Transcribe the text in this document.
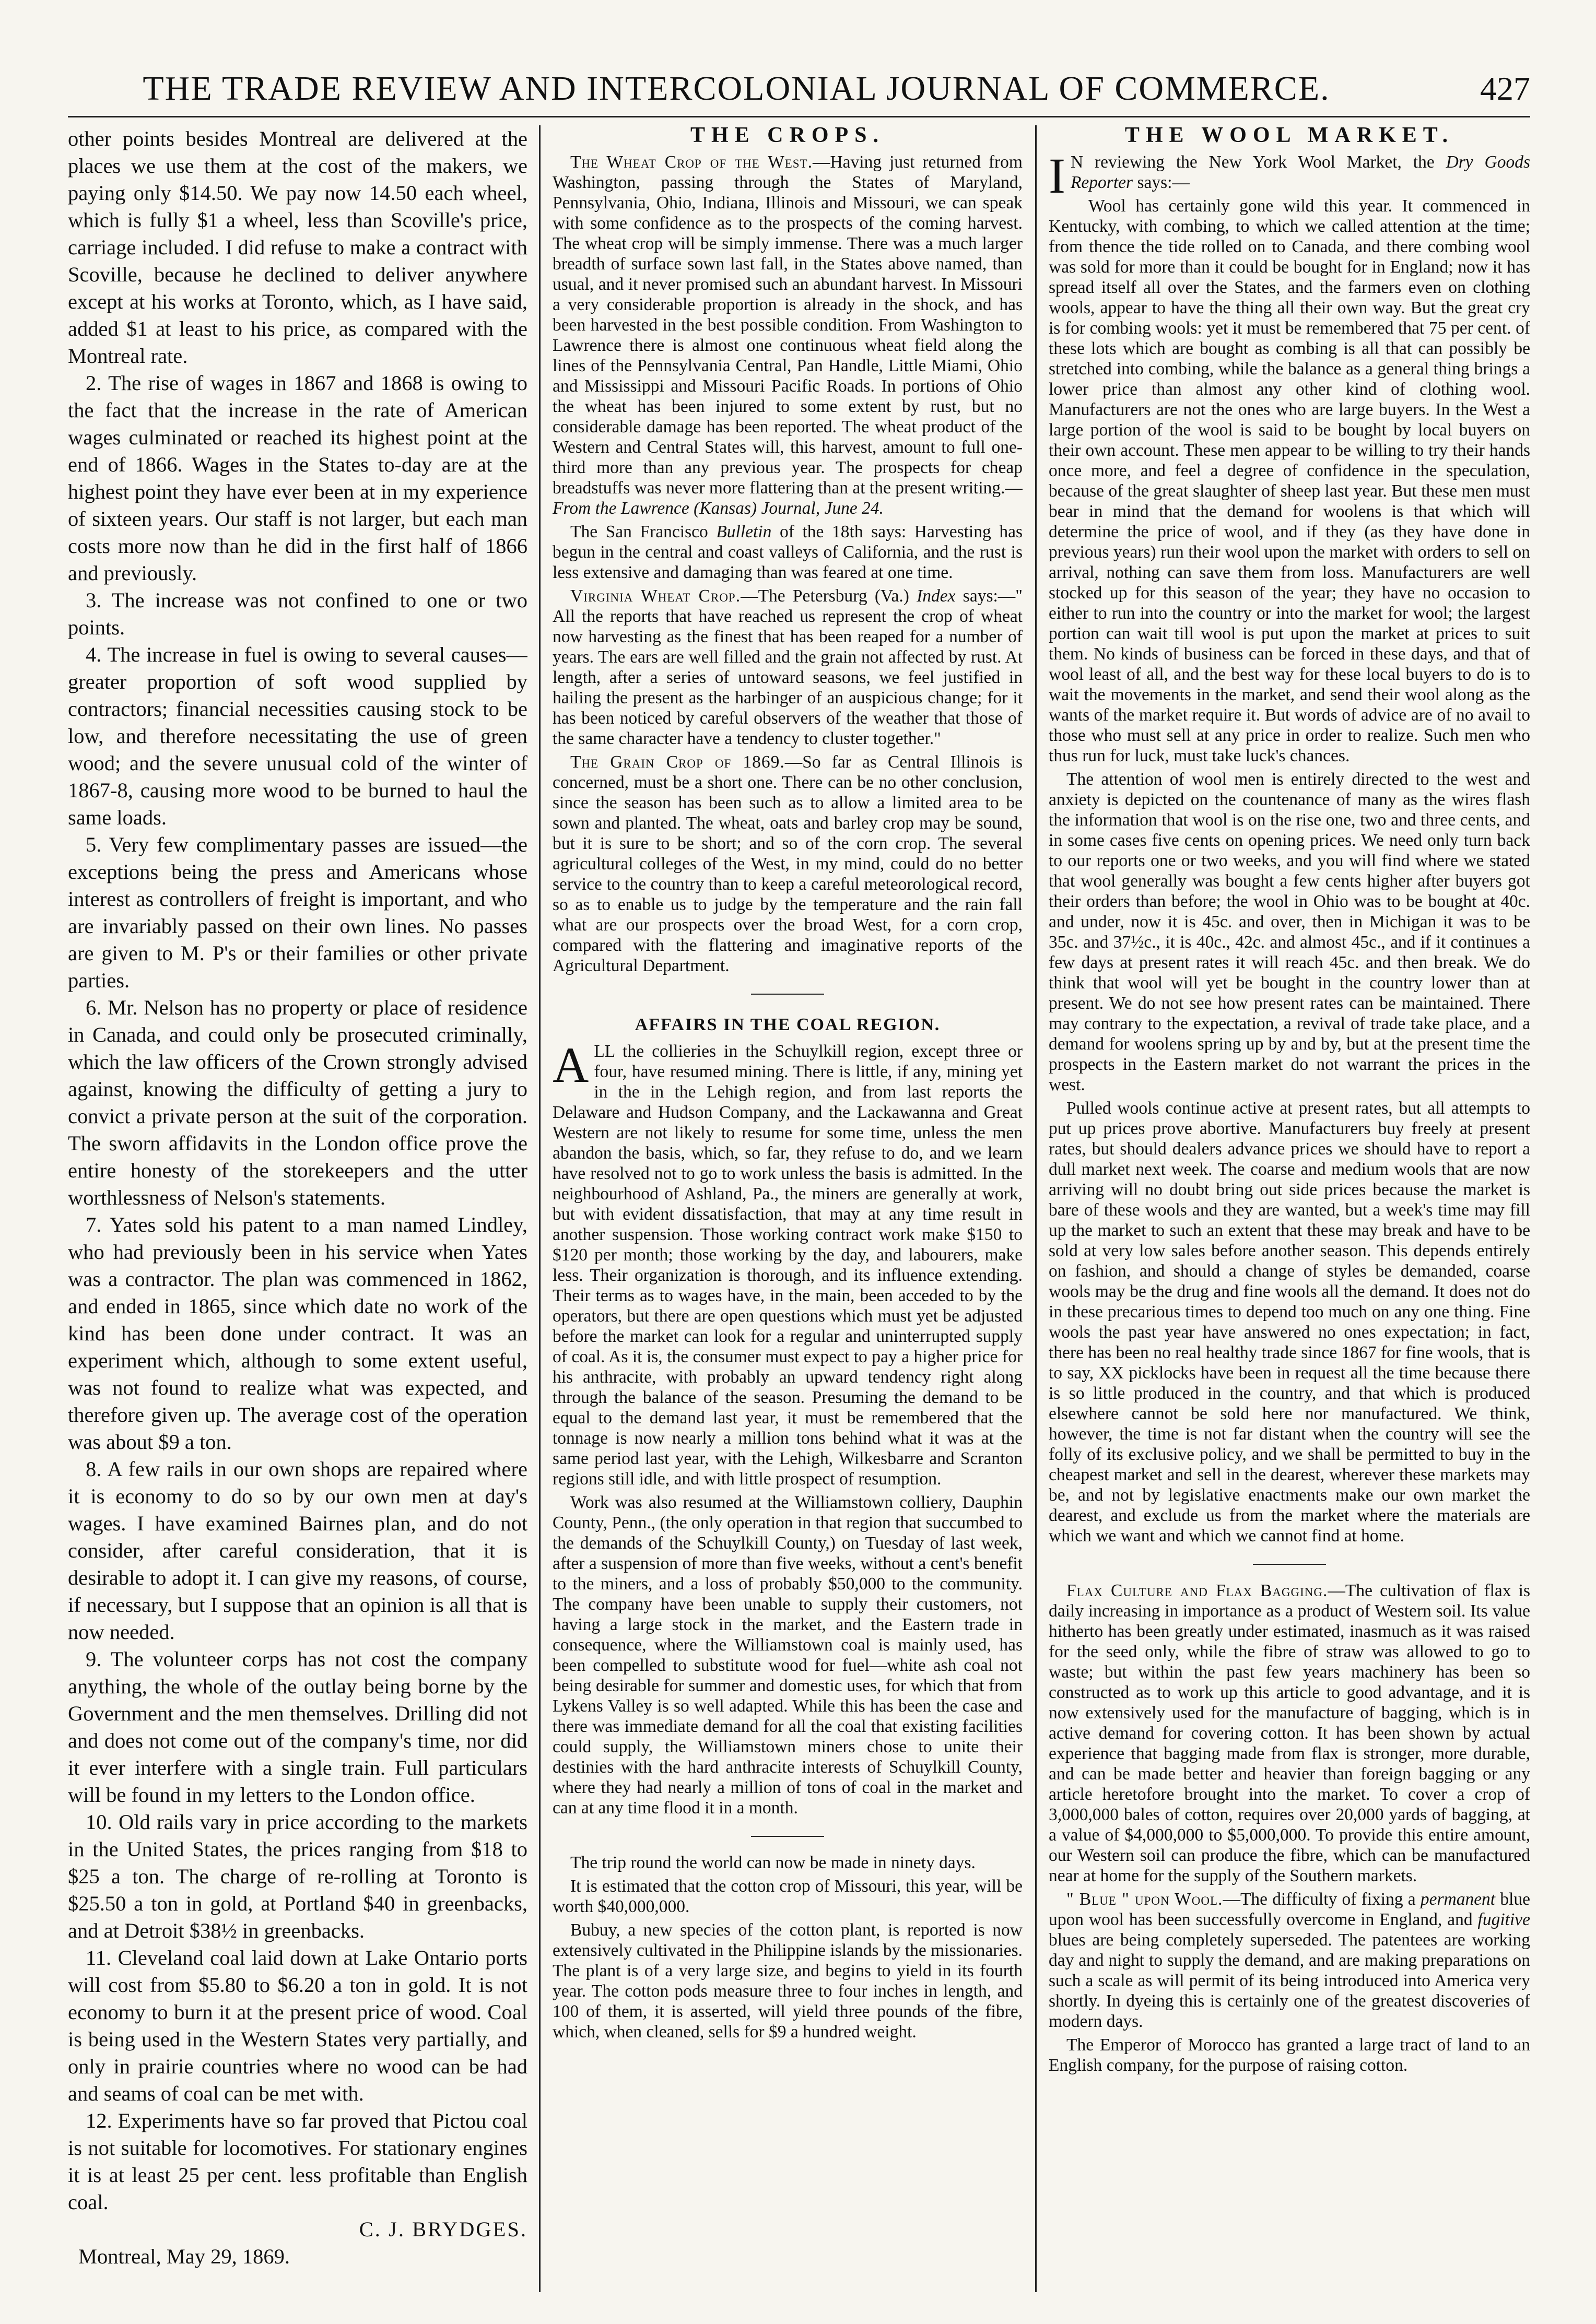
THE TRADE REVIEW AND INTERCOLONIAL JOURNAL OF COMMERCE.	427

other points besides Montreal are delivered at the places we use them at the cost of the makers, we paying only $14.50. We pay now 14.50 each wheel, which is fully $1 a wheel, less than Scoville's price, carriage included. I did refuse to make a contract with Scoville, because he declined to deliver anywhere except at his works at Toronto, which, as I have said, added $1 at least to his price, as compared with the Montreal rate.

2. The rise of wages in 1867 and 1868 is owing to the fact that the increase in the rate of American wages culminated or reached its highest point at the end of 1866. Wages in the States to-day are at the highest point they have ever been at in my experience of sixteen years. Our staff is not larger, but each man costs more now than he did in the first half of 1866 and previously.

3. The increase was not confined to one or two points.

4. The increase in fuel is owing to several causes—greater proportion of soft wood supplied by contractors; financial necessities causing stock to be low, and therefore necessitating the use of green wood; and the severe unusual cold of the winter of 1867-8, causing more wood to be burned to haul the same loads.

5. Very few complimentary passes are issued—the exceptions being the press and Americans whose interest as controllers of freight is important, and who are invariably passed on their own lines. No passes are given to M. P's or their families or other private parties.

6. Mr. Nelson has no property or place of residence in Canada, and could only be prosecuted criminally, which the law officers of the Crown strongly advised against, knowing the difficulty of getting a jury to convict a private person at the suit of the corporation. The sworn affidavits in the London office prove the entire honesty of the storekeepers and the utter worthlessness of Nelson's statements.

7. Yates sold his patent to a man named Lindley, who had previously been in his service when Yates was a contractor. The plan was commenced in 1862, and ended in 1865, since which date no work of the kind has been done under contract. It was an experiment which, although to some extent useful, was not found to realize what was expected, and therefore given up. The average cost of the operation was about $9 a ton.

8. A few rails in our own shops are repaired where it is economy to do so by our own men at day's wages. I have examined Bairnes plan, and do not consider, after careful consideration, that it is desirable to adopt it. I can give my reasons, of course, if necessary, but I suppose that an opinion is all that is now needed.

9. The volunteer corps has not cost the company anything, the whole of the outlay being borne by the Government and the men themselves. Drilling did not and does not come out of the company's time, nor did it ever interfere with a single train. Full particulars will be found in my letters to the London office.

10. Old rails vary in price according to the markets in the United States, the prices ranging from $18 to $25 a ton. The charge of re-rolling at Toronto is $25.50 a ton in gold, at Portland $40 in greenbacks, and at Detroit $38½ in greenbacks.

11. Cleveland coal laid down at Lake Ontario ports will cost from $5.80 to $6.20 a ton in gold. It is not economy to burn it at the present price of wood. Coal is being used in the Western States very partially, and only in prairie countries where no wood can be had and seams of coal can be met with.

12. Experiments have so far proved that Pictou coal is not suitable for locomotives. For stationary engines it is at least 25 per cent. less profitable than English coal.

C. J. BRYDGES.

Montreal, May 29, 1869.

THE CROPS.

The Wheat Crop of the West.—Having just returned from Washington, passing through the States of Maryland, Pennsylvania, Ohio, Indiana, Illinois and Missouri, we can speak with some confidence as to the prospects of the coming harvest. The wheat crop will be simply immense. There was a much larger breadth of surface sown last fall, in the States above named, than usual, and it never promised such an abundant harvest. In Missouri a very considerable proportion is already in the shock, and has been harvested in the best possible condition. From Washington to Lawrence there is almost one continuous wheat field along the lines of the Pennsylvania Central, Pan Handle, Little Miami, Ohio and Mississippi and Missouri Pacific Roads. In portions of Ohio the wheat has been injured to some extent by rust, but no considerable damage has been reported. The wheat product of the Western and Central States will, this harvest, amount to full one-third more than any previous year. The prospects for cheap breadstuffs was never more flattering than at the present writing.—From the Lawrence (Kansas) Journal, June 24.

The San Francisco Bulletin of the 18th says: Harvesting has begun in the central and coast valleys of California, and the rust is less extensive and damaging than was feared at one time.

Virginia Wheat Crop.—The Petersburg (Va.) Index says:—" All the reports that have reached us represent the crop of wheat now harvesting as the finest that has been reaped for a number of years. The ears are well filled and the grain not affected by rust. At length, after a series of untoward seasons, we feel justified in hailing the present as the harbinger of an auspicious change; for it has been noticed by careful observers of the weather that those of the same character have a tendency to cluster together."

The Grain Crop of 1869.—So far as Central Illinois is concerned, must be a short one. There can be no other conclusion, since the season has been such as to allow a limited area to be sown and planted. The wheat, oats and barley crop may be sound, but it is sure to be short; and so of the corn crop. The several agricultural colleges of the West, in my mind, could do no better service to the country than to keep a careful meteorological record, so as to enable us to judge by the temperature and the rain fall what are our prospects over the broad West, for a corn crop, compared with the flattering and imaginative reports of the Agricultural Department.

AFFAIRS IN THE COAL REGION.

ALL the collieries in the Schuylkill region, except three or four, have resumed mining. There is little, if any, mining yet in the in the Lehigh region, and from last reports the Delaware and Hudson Company, and the Lackawanna and Great Western are not likely to resume for some time, unless the men abandon the basis, which, so far, they refuse to do, and we learn have resolved not to go to work unless the basis is admitted. In the neighbourhood of Ashland, Pa., the miners are generally at work, but with evident dissatisfaction, that may at any time result in another suspension. Those working contract work make $150 to $120 per month; those working by the day, and labourers, make less. Their organization is thorough, and its influence extending. Their terms as to wages have, in the main, been acceded to by the operators, but there are open questions which must yet be adjusted before the market can look for a regular and uninterrupted supply of coal. As it is, the consumer must expect to pay a higher price for his anthracite, with probably an upward tendency right along through the balance of the season. Presuming the demand to be equal to the demand last year, it must be remembered that the tonnage is now nearly a million tons behind what it was at the same period last year, with the Lehigh, Wilkesbarre and Scranton regions still idle, and with little prospect of resumption.

Work was also resumed at the Williamstown colliery, Dauphin County, Penn., (the only operation in that region that succumbed to the demands of the Schuylkill County,) on Tuesday of last week, after a suspension of more than five weeks, without a cent's benefit to the miners, and a loss of probably $50,000 to the community. The company have been unable to supply their customers, not having a large stock in the market, and the Eastern trade in consequence, where the Williamstown coal is mainly used, has been compelled to substitute wood for fuel—white ash coal not being desirable for summer and domestic uses, for which that from Lykens Valley is so well adapted. While this has been the case and there was immediate demand for all the coal that existing facilities could supply, the Williamstown miners chose to unite their destinies with the hard anthracite interests of Schuylkill County, where they had nearly a million of tons of coal in the market and can at any time flood it in a month.

The trip round the world can now be made in ninety days.

It is estimated that the cotton crop of Missouri, this year, will be worth $40,000,000.

Bubuy, a new species of the cotton plant, is reported is now extensively cultivated in the Philippine islands by the missionaries. The plant is of a very large size, and begins to yield in its fourth year. The cotton pods measure three to four inches in length, and 100 of them, it is asserted, will yield three pounds of the fibre, which, when cleaned, sells for $9 a hundred weight.

THE WOOL MARKET.

I N reviewing the New York Wool Market, the Dry Goods Reporter says:—

Wool has certainly gone wild this year. It commenced in Kentucky, with combing, to which we called attention at the time; from thence the tide rolled on to Canada, and there combing wool was sold for more than it could be bought for in England; now it has spread itself all over the States, and the farmers even on clothing wools, appear to have the thing all their own way. But the great cry is for combing wools: yet it must be remembered that 75 per cent. of these lots which are bought as combing is all that can possibly be stretched into combing, while the balance as a general thing brings a lower price than almost any other kind of clothing wool. Manufacturers are not the ones who are large buyers. In the West a large portion of the wool is said to be bought by local buyers on their own account. These men appear to be willing to try their hands once more, and feel a degree of confidence in the speculation, because of the great slaughter of sheep last year. But these men must bear in mind that the demand for woolens is that which will determine the price of wool, and if they (as they have done in previous years) run their wool upon the market with orders to sell on arrival, nothing can save them from loss. Manufacturers are well stocked up for this season of the year; they have no occasion to either to run into the country or into the market for wool; the largest portion can wait till wool is put upon the market at prices to suit them. No kinds of business can be forced in these days, and that of wool least of all, and the best way for these local buyers to do is to wait the movements in the market, and send their wool along as the wants of the market require it. But words of advice are of no avail to those who must sell at any price in order to realize. Such men who thus run for luck, must take luck's chances.

The attention of wool men is entirely directed to the west and anxiety is depicted on the countenance of many as the wires flash the information that wool is on the rise one, two and three cents, and in some cases five cents on opening prices. We need only turn back to our reports one or two weeks, and you will find where we stated that wool generally was bought a few cents higher after buyers got their orders than before; the wool in Ohio was to be bought at 40c. and under, now it is 45c. and over, then in Michigan it was to be 35c. and 37½c., it is 40c., 42c. and almost 45c., and if it continues a few days at present rates it will reach 45c. and then break. We do think that wool will yet be bought in the country lower than at present. We do not see how present rates can be maintained. There may contrary to the expectation, a revival of trade take place, and a demand for woolens spring up by and by, but at the present time the prospects in the Eastern market do not warrant the prices in the west.

Pulled wools continue active at present rates, but all attempts to put up prices prove abortive. Manufacturers buy freely at present rates, but should dealers advance prices we should have to report a dull market next week. The coarse and medium wools that are now arriving will no doubt bring out side prices because the market is bare of these wools and they are wanted, but a week's time may fill up the market to such an extent that these may break and have to be sold at very low sales before another season. This depends entirely on fashion, and should a change of styles be demanded, coarse wools may be the drug and fine wools all the demand. It does not do in these precarious times to depend too much on any one thing. Fine wools the past year have answered no ones expectation; in fact, there has been no real healthy trade since 1867 for fine wools, that is to say, XX picklocks have been in request all the time because there is so little produced in the country, and that which is produced elsewhere cannot be sold here nor manufactured. We think, however, the time is not far distant when the country will see the folly of its exclusive policy, and we shall be permitted to buy in the cheapest market and sell in the dearest, wherever these markets may be, and not by legislative enactments make our own market the dearest, and exclude us from the market where the materials are which we want and which we cannot find at home.

Flax Culture and Flax Bagging.—The cultivation of flax is daily increasing in importance as a product of Western soil. Its value hitherto has been greatly under estimated, inasmuch as it was raised for the seed only, while the fibre of straw was allowed to go to waste; but within the past few years machinery has been so constructed as to work up this article to good advantage, and it is now extensively used for the manufacture of bagging, which is in active demand for covering cotton. It has been shown by actual experience that bagging made from flax is stronger, more durable, and can be made better and heavier than foreign bagging or any article heretofore brought into the market. To cover a crop of 3,000,000 bales of cotton, requires over 20,000 yards of bagging, at a value of $4,000,000 to $5,000,000. To provide this entire amount, our Western soil can produce the fibre, which can be manufactured near at home for the supply of the Southern markets.

" Blue " upon Wool.—The difficulty of fixing a permanent blue upon wool has been successfully overcome in England, and fugitive blues are being completely superseded. The patentees are working day and night to supply the demand, and are making preparations on such a scale as will permit of its being introduced into America very shortly. In dyeing this is certainly one of the greatest discoveries of modern days.

The Emperor of Morocco has granted a large tract of land to an English company, for the purpose of raising cotton.
